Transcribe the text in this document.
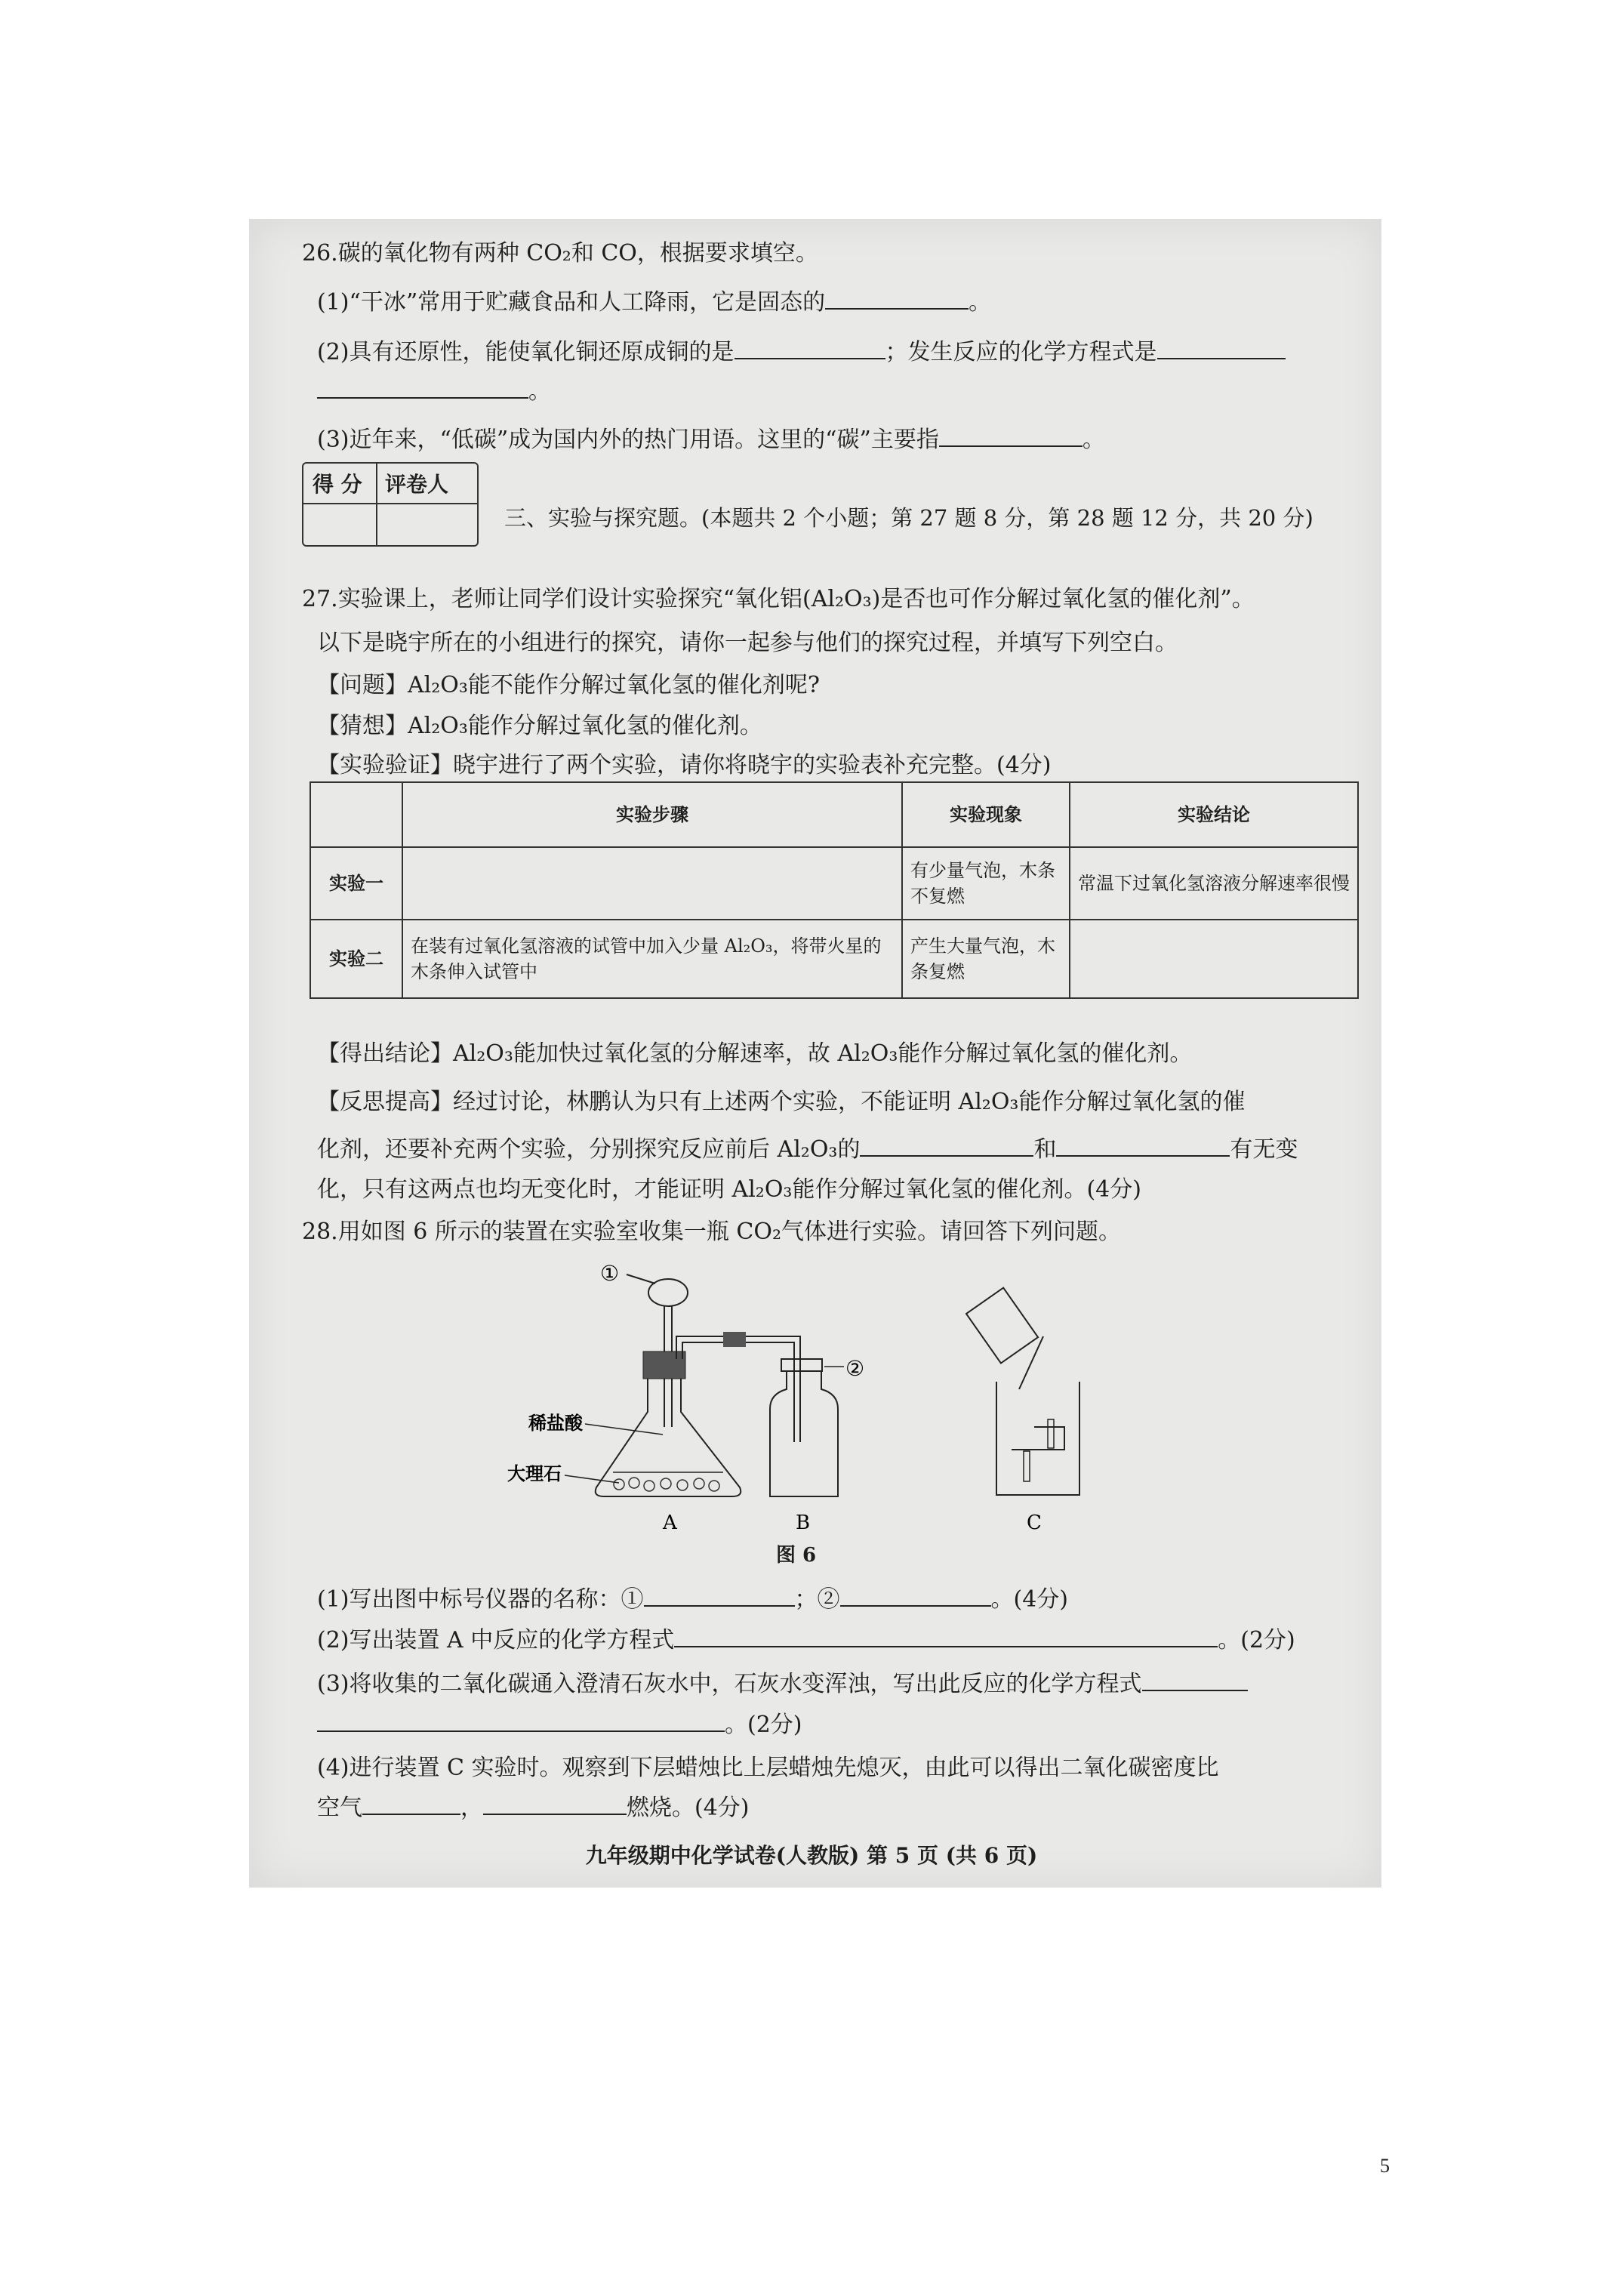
26.碳的氧化物有两种 CO₂和 CO，根据要求填空。
(1)“干冰”常用于贮藏食品和人工降雨，它是固态的	。
(2)具有还原性，能使氧化铜还原成铜的是	；发生反应的化学方程式是
。
(3)近年来，“低碳”成为国内外的热门用语。这里的“碳”主要指	。
得 分 评卷人
三、实验与探究题。(本题共 2 个小题；第 27 题 8 分，第 28 题 12 分，共 20 分)
27.实验课上，老师让同学们设计实验探究“氧化铝(Al₂O₃)是否也可作分解过氧化氢的催化剂”。
以下是晓宇所在的小组进行的探究，请你一起参与他们的探究过程，并填写下列空白。
【问题】Al₂O₃能不能作分解过氧化氢的催化剂呢?
【猜想】Al₂O₃能作分解过氧化氢的催化剂。
【实验验证】晓宇进行了两个实验，请你将晓宇的实验表补充完整。(4分)
	实验步骤	实验现象	实验结论
实验一		有少量气泡，木条不复燃	常温下过氧化氢溶液分解速率很慢
实验二	在装有过氧化氢溶液的试管中加入少量 Al₂O₃，将带火星的木条伸入试管中	产生大量气泡，木条复燃	
【得出结论】Al₂O₃能加快过氧化氢的分解速率，故 Al₂O₃能作分解过氧化氢的催化剂。
【反思提高】经过讨论，林鹏认为只有上述两个实验，不能证明 Al₂O₃能作分解过氧化氢的催
化剂，还要补充两个实验，分别探究反应前后 Al₂O₃的	和	有无变
化，只有这两点也均无变化时，才能证明 Al₂O₃能作分解过氧化氢的催化剂。(4分)
28.用如图 6 所示的装置在实验室收集一瓶 CO₂气体进行实验。请回答下列问题。
①
稀盐酸
大理石
A
②
B	C
图 6
(1)写出图中标号仪器的名称：①	；②	。(4分)
(2)写出装置 A 中反应的化学方程式	。(2分)
(3)将收集的二氧化碳通入澄清石灰水中，石灰水变浑浊，写出此反应的化学方程式
。(2分)
(4)进行装置 C 实验时。观察到下层蜡烛比上层蜡烛先熄灭，由此可以得出二氧化碳密度比
空气	，	燃烧。(4分)
九年级期中化学试卷(人教版) 第 5 页 (共 6 页)
5
